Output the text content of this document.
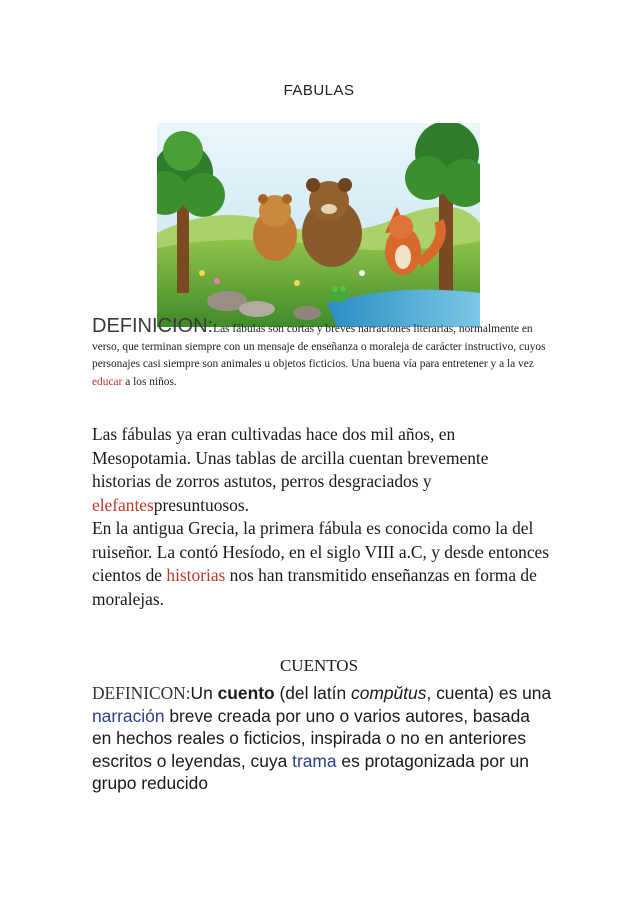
FABULAS
DEFINICION:Las fábulas son cortas y breves narraciones literarias, normalmente en verso, que terminan siempre con un mensaje de enseñanza o moraleja de carácter instructivo, cuyos personajes casi siempre son animales u objetos ficticios. Una buena vía para entretener y a la vez educar a los niños.
Las fábulas ya eran cultivadas hace dos mil años, en Mesopotamia. Unas tablas de arcilla cuentan brevemente historias de zorros astutos, perros desgraciados y elefantespresuntuosos.
En la antigua Grecia, la primera fábula es conocida como la del ruiseñor. La contó Hesíodo, en el siglo VIII a.C, y desde entonces cientos de historias nos han transmitido enseñanzas en forma de moralejas.
CUENTOS
DEFINICON:Un cuento (del latín compŭtus, cuenta) es una narración breve creada por uno o varios autores, basada en hechos reales o ficticios, inspirada o no en anteriores escritos o leyendas, cuya trama es protagonizada por un grupo reducido
